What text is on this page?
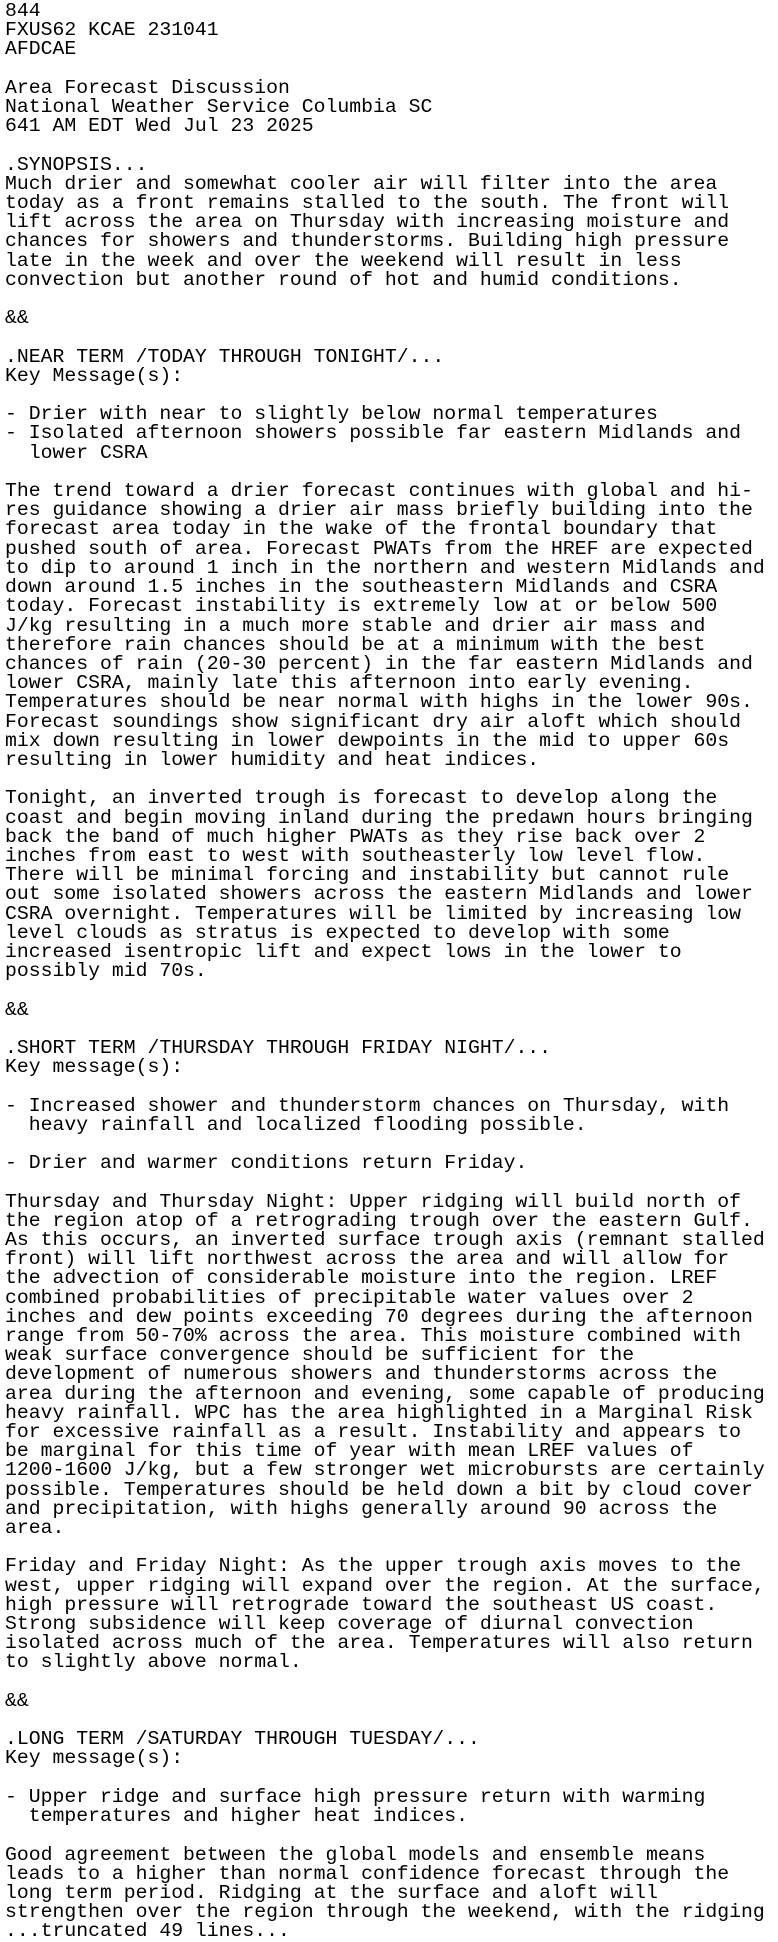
844
FXUS62 KCAE 231041
AFDCAE

Area Forecast Discussion
National Weather Service Columbia SC
641 AM EDT Wed Jul 23 2025

.SYNOPSIS...
Much drier and somewhat cooler air will filter into the area
today as a front remains stalled to the south. The front will
lift across the area on Thursday with increasing moisture and
chances for showers and thunderstorms. Building high pressure
late in the week and over the weekend will result in less
convection but another round of hot and humid conditions.

&&

.NEAR TERM /TODAY THROUGH TONIGHT/...
Key Message(s):

- Drier with near to slightly below normal temperatures
- Isolated afternoon showers possible far eastern Midlands and
lower CSRA

The trend toward a drier forecast continues with global and hi-
res guidance showing a drier air mass briefly building into the
forecast area today in the wake of the frontal boundary that
pushed south of area. Forecast PWATs from the HREF are expected
to dip to around 1 inch in the northern and western Midlands and
down around 1.5 inches in the southeastern Midlands and CSRA
today. Forecast instability is extremely low at or below 500
J/kg resulting in a much more stable and drier air mass and
therefore rain chances should be at a minimum with the best
chances of rain (20-30 percent) in the far eastern Midlands and
lower CSRA, mainly late this afternoon into early evening.
Temperatures should be near normal with highs in the lower 90s.
Forecast soundings show significant dry air aloft which should
mix down resulting in lower dewpoints in the mid to upper 60s
resulting in lower humidity and heat indices.

Tonight, an inverted trough is forecast to develop along the
coast and begin moving inland during the predawn hours bringing
back the band of much higher PWATs as they rise back over 2
inches from east to west with southeasterly low level flow.
There will be minimal forcing and instability but cannot rule
out some isolated showers across the eastern Midlands and lower
CSRA overnight. Temperatures will be limited by increasing low
level clouds as stratus is expected to develop with some
increased isentropic lift and expect lows in the lower to
possibly mid 70s.

&&

.SHORT TERM /THURSDAY THROUGH FRIDAY NIGHT/...
Key message(s):

- Increased shower and thunderstorm chances on Thursday, with
heavy rainfall and localized flooding possible.

- Drier and warmer conditions return Friday.

Thursday and Thursday Night: Upper ridging will build north of
the region atop of a retrograding trough over the eastern Gulf.
As this occurs, an inverted surface trough axis (remnant stalled
front) will lift northwest across the area and will allow for
the advection of considerable moisture into the region. LREF
combined probabilities of precipitable water values over 2
inches and dew points exceeding 70 degrees during the afternoon
range from 50-70% across the area. This moisture combined with
weak surface convergence should be sufficient for the
development of numerous showers and thunderstorms across the
area during the afternoon and evening, some capable of producing
heavy rainfall. WPC has the area highlighted in a Marginal Risk
for excessive rainfall as a result. Instability and appears to
be marginal for this time of year with mean LREF values of
1200-1600 J/kg, but a few stronger wet microbursts are certainly
possible. Temperatures should be held down a bit by cloud cover
and precipitation, with highs generally around 90 across the
area.

Friday and Friday Night: As the upper trough axis moves to the
west, upper ridging will expand over the region. At the surface,
high pressure will retrograde toward the southeast US coast.
Strong subsidence will keep coverage of diurnal convection
isolated across much of the area. Temperatures will also return
to slightly above normal.

&&

.LONG TERM /SATURDAY THROUGH TUESDAY/...
Key message(s):

- Upper ridge and surface high pressure return with warming
temperatures and higher heat indices.

Good agreement between the global models and ensemble means
leads to a higher than normal confidence forecast through the
long term period. Ridging at the surface and aloft will
strengthen over the region through the weekend, with the ridging
...truncated 49 lines...
